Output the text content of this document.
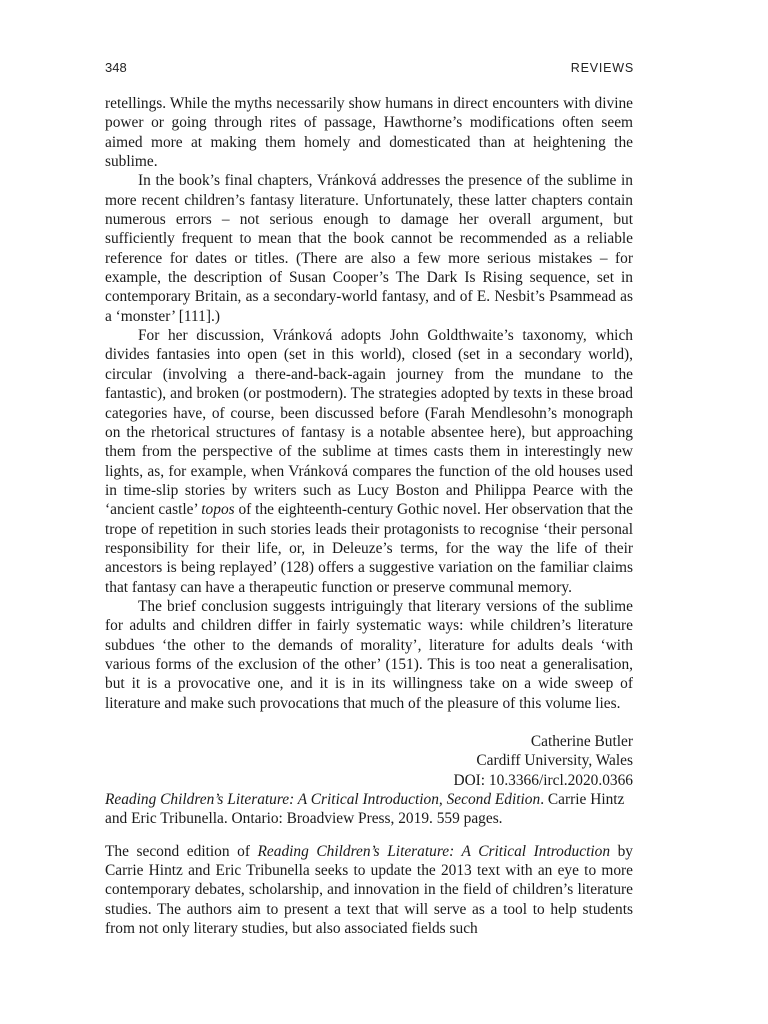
348	REVIEWS

retellings. While the myths necessarily show humans in direct encounters with divine power or going through rites of passage, Hawthorne’s modifications often seem aimed more at making them homely and domesticated than at heightening the sublime.

In the book’s final chapters, Vránková addresses the presence of the sublime in more recent children’s fantasy literature. Unfortunately, these latter chapters contain numerous errors – not serious enough to damage her overall argument, but sufficiently frequent to mean that the book cannot be recommended as a reliable reference for dates or titles. (There are also a few more serious mistakes – for example, the description of Susan Cooper’s The Dark Is Rising sequence, set in contemporary Britain, as a secondary-world fantasy, and of E. Nesbit’s Psammead as a ‘monster’ [111].)

For her discussion, Vránková adopts John Goldthwaite’s taxonomy, which divides fantasies into open (set in this world), closed (set in a secondary world), circular (involving a there-and-back-again journey from the mundane to the fantastic), and broken (or postmodern). The strategies adopted by texts in these broad categories have, of course, been discussed before (Farah Mendlesohn’s monograph on the rhetorical structures of fantasy is a notable absentee here), but approaching them from the perspective of the sublime at times casts them in interestingly new lights, as, for example, when Vránková compares the function of the old houses used in time-slip stories by writers such as Lucy Boston and Philippa Pearce with the ‘ancient castle’ topos of the eighteenth-century Gothic novel. Her observation that the trope of repetition in such stories leads their protagonists to recognise ‘their personal responsibility for their life, or, in Deleuze’s terms, for the way the life of their ancestors is being replayed’ (128) offers a suggestive variation on the familiar claims that fantasy can have a therapeutic function or preserve communal memory.

The brief conclusion suggests intriguingly that literary versions of the sublime for adults and children differ in fairly systematic ways: while children’s literature subdues ‘the other to the demands of morality’, literature for adults deals ‘with various forms of the exclusion of the other’ (151). This is too neat a generalisation, but it is a provocative one, and it is in its willingness take on a wide sweep of literature and make such provocations that much of the pleasure of this volume lies.

Catherine Butler
Cardiff University, Wales
DOI: 10.3366/ircl.2020.0366

Reading Children’s Literature: A Critical Introduction, Second Edition. Carrie Hintz and Eric Tribunella. Ontario: Broadview Press, 2019. 559 pages.

The second edition of Reading Children’s Literature: A Critical Introduction by Carrie Hintz and Eric Tribunella seeks to update the 2013 text with an eye to more contemporary debates, scholarship, and innovation in the field of children’s literature studies. The authors aim to present a text that will serve as a tool to help students from not only literary studies, but also associated fields such
